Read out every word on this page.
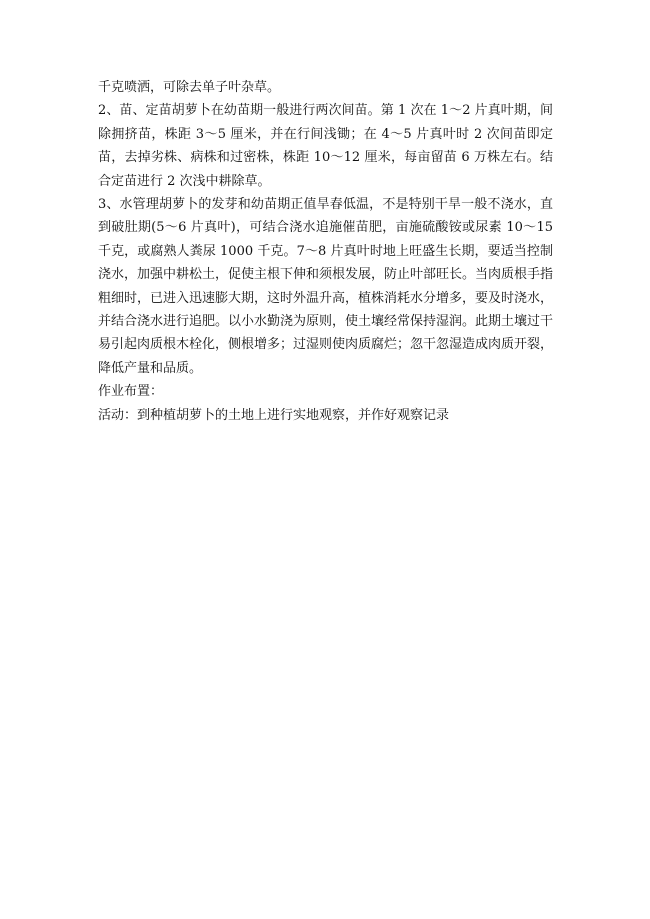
千克喷洒，可除去单子叶杂草。

2、苗、定苗胡萝卜在幼苗期一般进行两次间苗。第 1 次在 1～2 片真叶期，间除拥挤苗，株距 3～5 厘米，并在行间浅锄；在 4～5 片真叶时 2 次间苗即定苗，去掉劣株、病株和过密株，株距 10～12 厘米，每亩留苗 6 万株左右。结合定苗进行 2 次浅中耕除草。

3、水管理胡萝卜的发芽和幼苗期正值旱春低温，不是特别干旱一般不浇水，直到破肚期(5～6 片真叶)，可结合浇水追施催苗肥，亩施硫酸铵或尿素 10～15 千克，或腐熟人粪尿 1000 千克。7～8 片真叶时地上旺盛生长期，要适当控制浇水，加强中耕松土，促使主根下伸和须根发展，防止叶部旺长。当肉质根手指粗细时，已进入迅速膨大期，这时外温升高，植株消耗水分增多，要及时浇水，并结合浇水进行追肥。以小水勤浇为原则，使土壤经常保持湿润。此期土壤过干易引起肉质根木栓化，侧根增多；过湿则使肉质腐烂；忽干忽湿造成肉质开裂，降低产量和品质。

作业布置：

活动：到种植胡萝卜的土地上进行实地观察，并作好观察记录
